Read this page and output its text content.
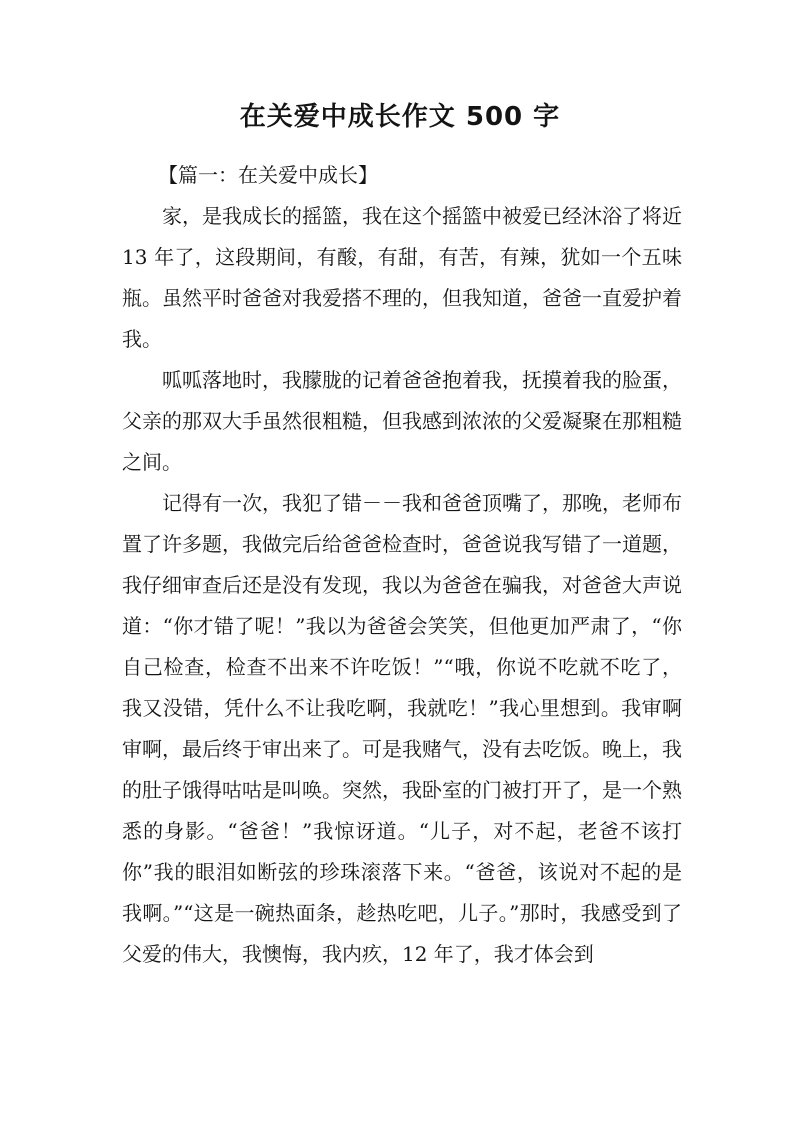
在关爱中成长作文 500 字

【篇一：在关爱中成长】

家，是我成长的摇篮，我在这个摇篮中被爱已经沐浴了将近 13 年了，这段期间，有酸，有甜，有苦，有辣，犹如一个五味瓶。虽然平时爸爸对我爱搭不理的，但我知道，爸爸一直爱护着我。

呱呱落地时，我朦胧的记着爸爸抱着我，抚摸着我的脸蛋，父亲的那双大手虽然很粗糙，但我感到浓浓的父爱凝聚在那粗糙之间。

记得有一次，我犯了错－－我和爸爸顶嘴了，那晚，老师布置了许多题，我做完后给爸爸检查时，爸爸说我写错了一道题，我仔细审查后还是没有发现，我以为爸爸在骗我，对爸爸大声说道：“你才错了呢！”我以为爸爸会笑笑，但他更加严肃了，“你自己检查，检查不出来不许吃饭！”“哦，你说不吃就不吃了，我又没错，凭什么不让我吃啊，我就吃！”我心里想到。我审啊审啊，最后终于审出来了。可是我赌气，没有去吃饭。晚上，我的肚子饿得咕咕是叫唤。突然，我卧室的门被打开了，是一个熟悉的身影。“爸爸！”我惊讶道。“儿子，对不起，老爸不该打你”我的眼泪如断弦的珍珠滚落下来。“爸爸，该说对不起的是我啊。”“这是一碗热面条，趁热吃吧，儿子。”那时，我感受到了父爱的伟大，我懊悔，我内疚，12 年了，我才体会到
